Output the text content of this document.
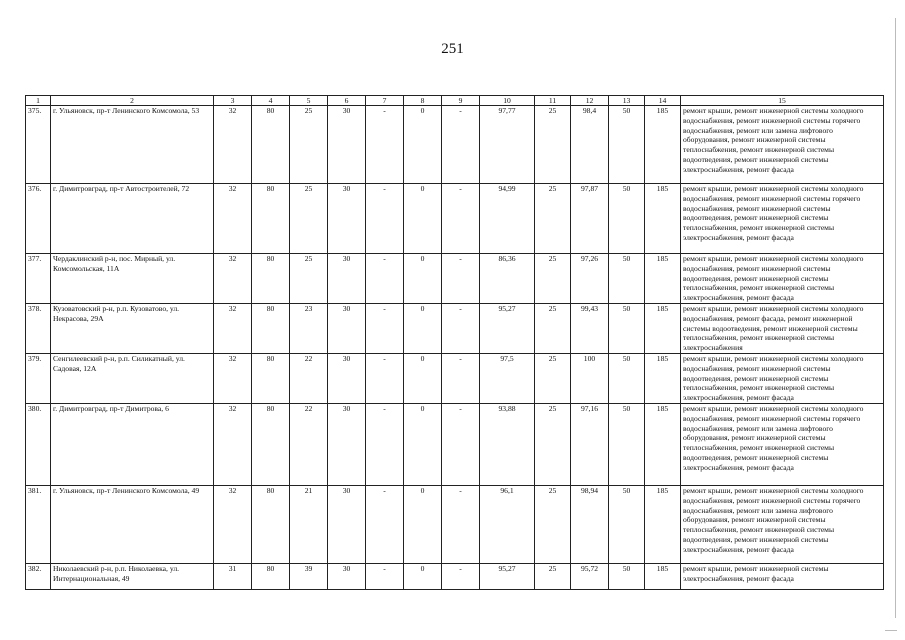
251
1	2	3	4	5	6	7	8	9	10	11	12	13	14	15
375.	г. Ульяновск, пр-т Ленинского Комсомола, 53	32	80	25	30	-	0	-	97,77	25	98,4	50	185	ремонт крыши, ремонт инженерной системы холодного водоснабжения, ремонт инженерной системы горячего водоснабжения, ремонт или замена лифтового оборудования, ремонт инженерной системы теплоснабжения, ремонт инженерной системы водоотведения, ремонт инженерной системы электроснабжения, ремонт фасада
376.	г. Димитровград, пр-т Автостроителей, 72	32	80	25	30	-	0	-	94,99	25	97,87	50	185	ремонт крыши, ремонт инженерной системы холодного водоснабжения, ремонт инженерной системы горячего водоснабжения, ремонт инженерной системы водоотведения, ремонт инженерной системы теплоснабжения, ремонт инженерной системы электроснабжения, ремонт фасада
377.	Чердаклинский р-н, пос. Мирный, ул. Комсомольская, 11А	32	80	25	30	-	0	-	86,36	25	97,26	50	185	ремонт крыши, ремонт инженерной системы холодного водоснабжения, ремонт инженерной системы водоотведения, ремонт инженерной системы теплоснабжения, ремонт инженерной системы электроснабжения, ремонт фасада
378.	Кузоватовский р-н, р.п. Кузоватово, ул. Некрасова, 29А	32	80	23	30	-	0	-	95,27	25	99,43	50	185	ремонт крыши, ремонт инженерной системы холодного водоснабжения, ремонт фасада, ремонт инженерной системы водоотведения, ремонт инженерной системы теплоснабжения, ремонт инженерной системы электроснабжения
379.	Сенгилеевский р-н, р.п. Силикатный, ул. Садовая, 12А	32	80	22	30	-	0	-	97,5	25	100	50	185	ремонт крыши, ремонт инженерной системы холодного водоснабжения, ремонт инженерной системы водоотведения, ремонт инженерной системы теплоснабжения, ремонт инженерной системы электроснабжения, ремонт фасада
380.	г. Димитровград, пр-т Димитрова, 6	32	80	22	30	-	0	-	93,88	25	97,16	50	185	ремонт крыши, ремонт инженерной системы холодного водоснабжения, ремонт инженерной системы горячего водоснабжения, ремонт или замена лифтового оборудования, ремонт инженерной системы теплоснабжения, ремонт инженерной системы водоотведения, ремонт инженерной системы электроснабжения, ремонт фасада
381.	г. Ульяновск, пр-т Ленинского Комсомола, 49	32	80	21	30	-	0	-	96,1	25	98,94	50	185	ремонт крыши, ремонт инженерной системы холодного водоснабжения, ремонт инженерной системы горячего водоснабжения, ремонт или замена лифтового оборудования, ремонт инженерной системы теплоснабжения, ремонт инженерной системы водоотведения, ремонт инженерной системы электроснабжения, ремонт фасада
382.	Николаевский р-н, р.п. Николаевка, ул. Интернациональная, 49	31	80	39	30	-	0	-	95,27	25	95,72	50	185	ремонт крыши, ремонт инженерной системы электроснабжения, ремонт фасада
